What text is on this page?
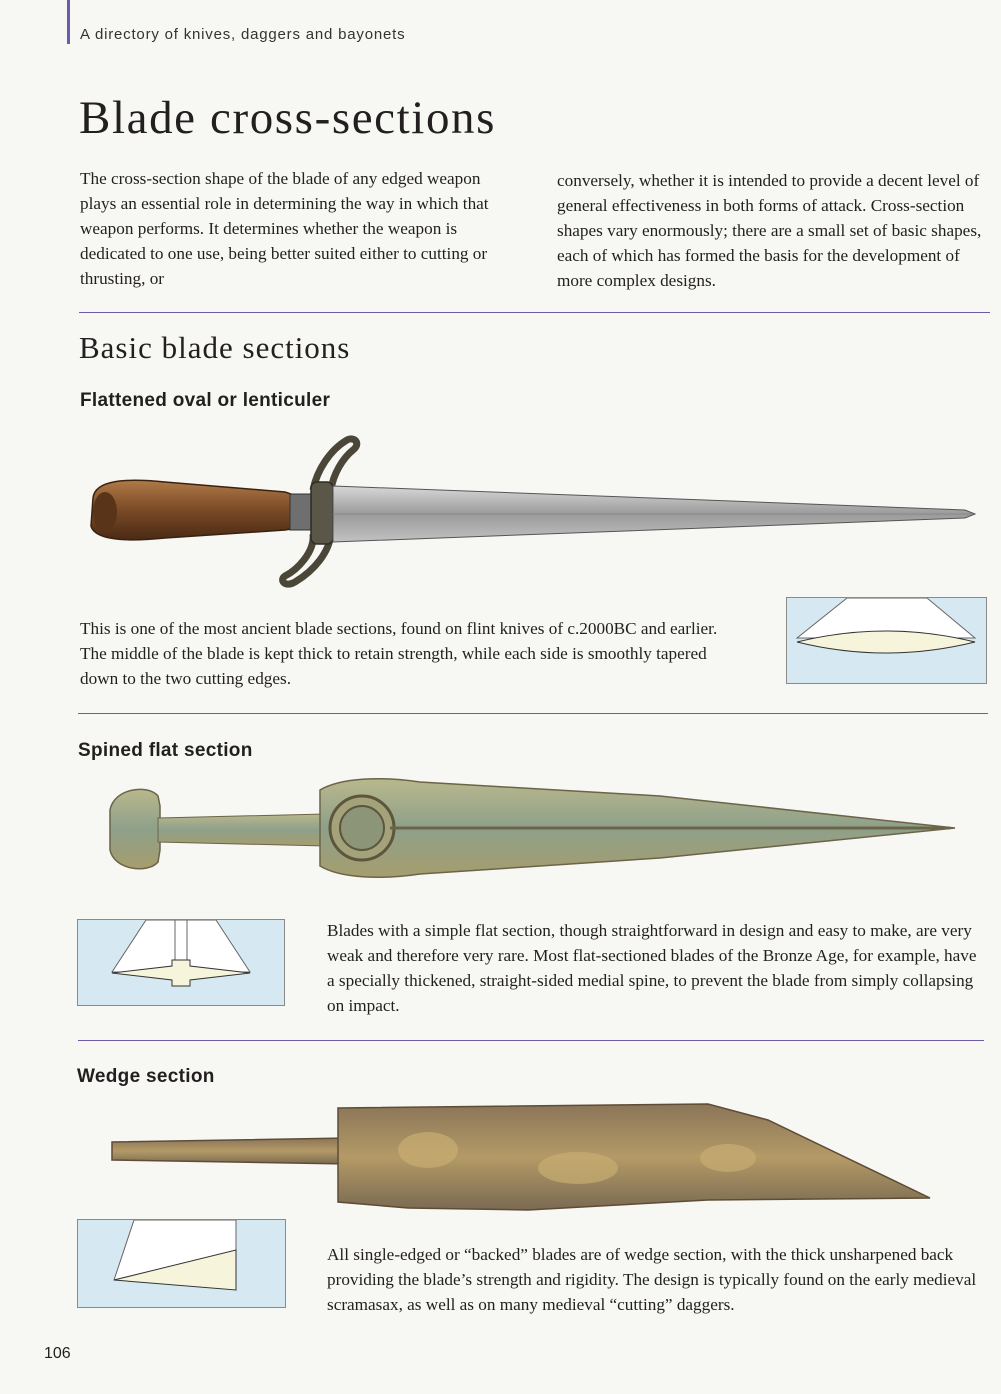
A directory of knives, daggers and bayonets
Blade cross-sections

The cross-section shape of the blade of any edged weapon plays an essential role in determining the way in which that weapon performs. It determines whether the weapon is dedicated to one use, being better suited either to cutting or thrusting, or

conversely, whether it is intended to provide a decent level of general effectiveness in both forms of attack. Cross-section shapes vary enormously; there are a small set of basic shapes, each of which has formed the basis for the development of more complex designs.

Basic blade sections
Flattened oval or lenticuler

This is one of the most ancient blade sections, found on flint knives of c.2000BC and earlier. The middle of the blade is kept thick to retain strength, while each side is smoothly tapered down to the two cutting edges.

Spined flat section

Blades with a simple flat section, though straightforward in design and easy to make, are very weak and therefore very rare. Most flat-sectioned blades of the Bronze Age, for example, have a specially thickened, straight-sided medial spine, to prevent the blade from simply collapsing on impact.

Wedge section

All single-edged or “backed” blades are of wedge section, with the thick unsharpened back providing the blade’s strength and rigidity. The design is typically found on the early medieval scramasax, as well as on many medieval “cutting” daggers.

106
